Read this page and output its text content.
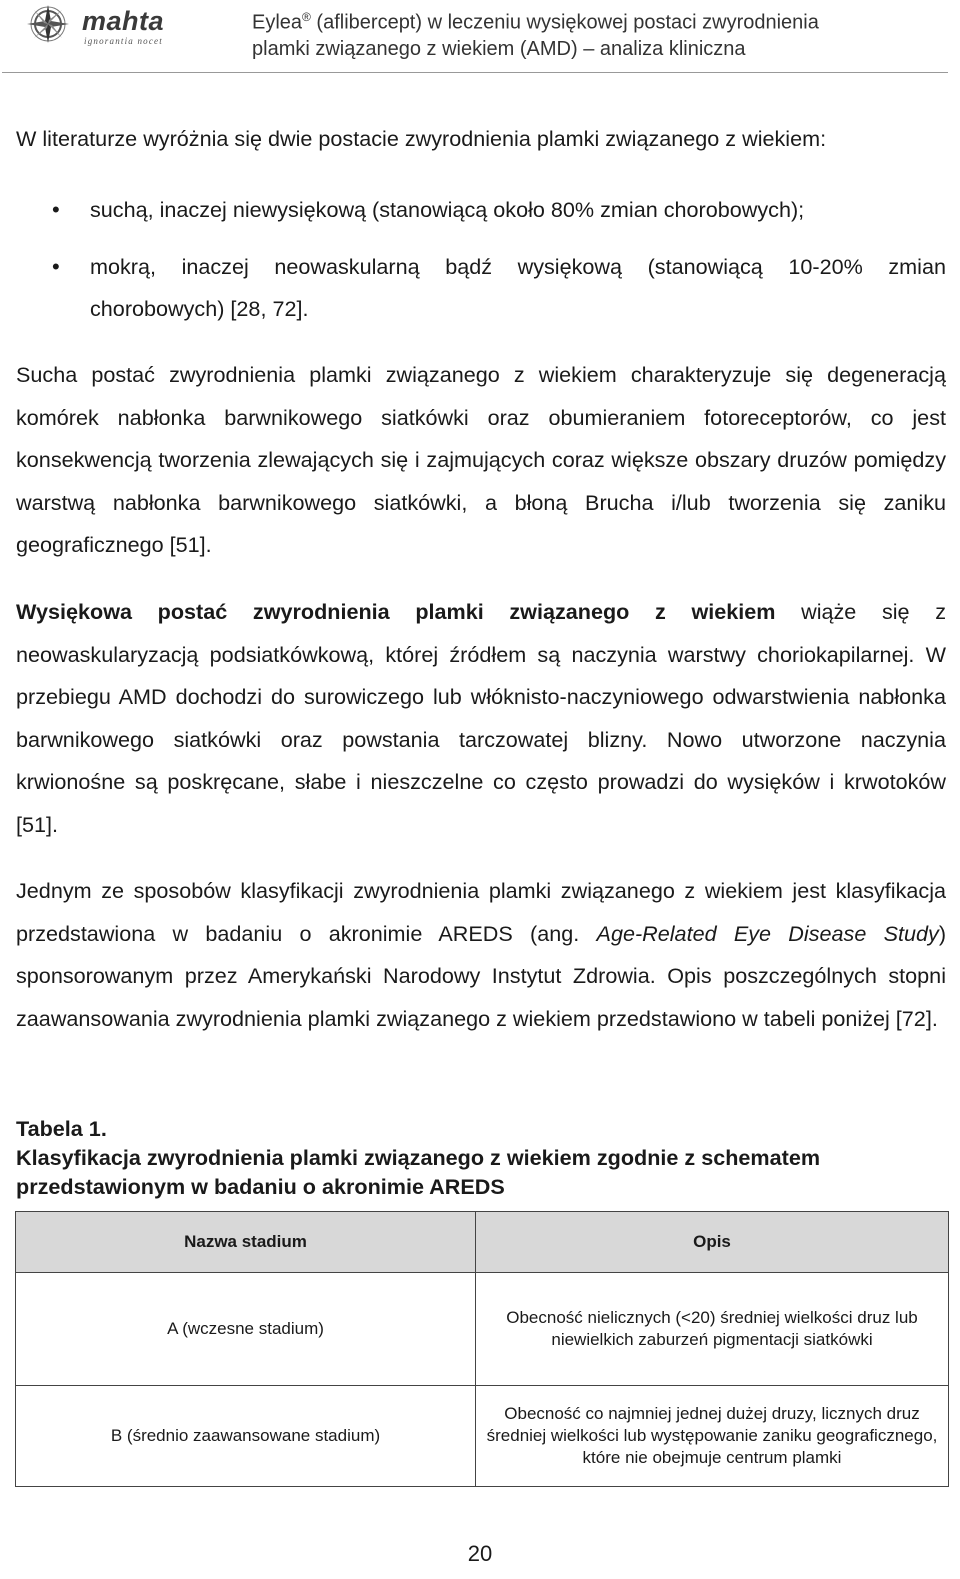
mahta
ignorantia nocet
Eylea® (aflibercept) w leczeniu wysiękowej postaci zwyrodnienia
plamki związanego z wiekiem (AMD) – analiza kliniczna

W literaturze wyróżnia się dwie postacie zwyrodnienia plamki związanego z wiekiem:

• suchą, inaczej niewysiękową (stanowiącą około 80% zmian chorobowych);
• mokrą, inaczej neowaskularną bądź wysiękową (stanowiącą 10-20% zmian chorobowych) [28, 72].

Sucha postać zwyrodnienia plamki związanego z wiekiem charakteryzuje się degeneracją komórek nabłonka barwnikowego siatkówki oraz obumieraniem fotoreceptorów, co jest konsekwencją tworzenia zlewających się i zajmujących coraz większe obszary druzów pomiędzy warstwą nabłonka barwnikowego siatkówki, a błoną Brucha i/lub tworzenia się zaniku geograficznego [51].

Wysiękowa postać zwyrodnienia plamki związanego z wiekiem wiąże się z neowaskularyzacją podsiatkówkową, której źródłem są naczynia warstwy choriokapilarnej. W przebiegu AMD dochodzi do surowiczego lub włóknisto-naczyniowego odwarstwienia nabłonka barwnikowego siatkówki oraz powstania tarczowatej blizny. Nowo utworzone naczynia krwionośne są poskręcane, słabe i nieszczelne co często prowadzi do wysięków i krwotoków [51].

Jednym ze sposobów klasyfikacji zwyrodnienia plamki związanego z wiekiem jest klasyfikacja przedstawiona w badaniu o akronimie AREDS (ang. Age-Related Eye Disease Study) sponsorowanym przez Amerykański Narodowy Instytut Zdrowia. Opis poszczególnych stopni zaawansowania zwyrodnienia plamki związanego z wiekiem przedstawiono w tabeli poniżej [72].

Tabela 1.
Klasyfikacja zwyrodnienia plamki związanego z wiekiem zgodnie z schematem przedstawionym w badaniu o akronimie AREDS
Nazwa stadium	Opis
A (wczesne stadium)	Obecność nielicznych (<20) średniej wielkości druz lub niewielkich zaburzeń pigmentacji siatkówki
B (średnio zaawansowane stadium)	Obecność co najmniej jednej dużej druzy, licznych druz średniej wielkości lub występowanie zaniku geograficznego, które nie obejmuje centrum plamki
20
